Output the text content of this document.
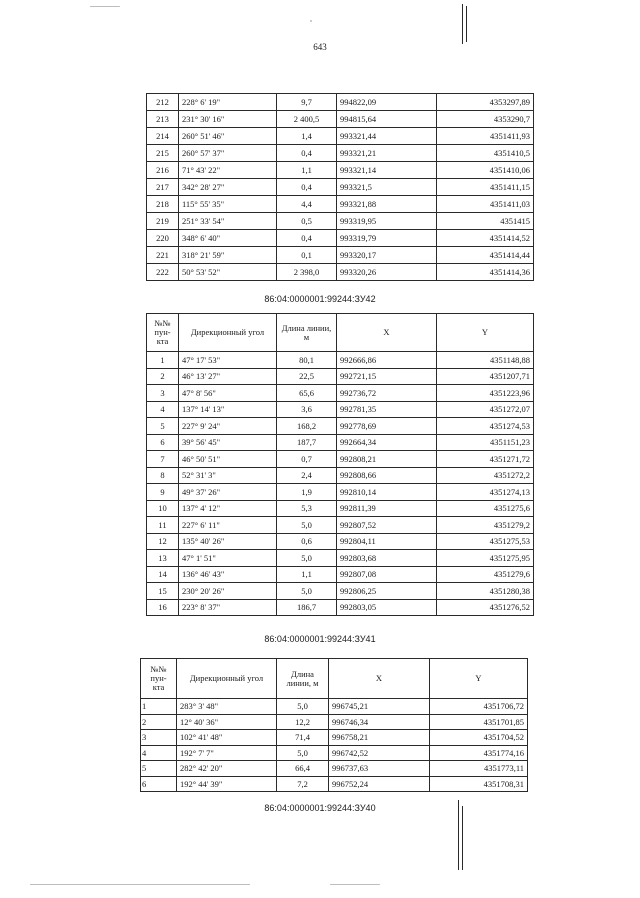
643
212	228° 6' 19"	9,7	994822,09	4353297,89
213	231° 30' 16"	2 400,5	994815,64	4353290,7
214	260° 51' 46"	1,4	993321,44	4351411,93
215	260° 57' 37"	0,4	993321,21	4351410,5
216	71° 43' 22"	1,1	993321,14	4351410,06
217	342° 28' 27"	0,4	993321,5	4351411,15
218	115° 55' 35"	4,4	993321,88	4351411,03
219	251° 33' 54"	0,5	993319,95	4351415
220	348° 6' 40"	0,4	993319,79	4351414,52
221	318° 21' 59"	0,1	993320,17	4351414,44
222	50° 53' 52"	2 398,0	993320,26	4351414,36
86:04:0000001:99244:ЗУ42
№№ пун- кта	Дирекционный угол	Длина линии, м	X	Y
1	47° 17' 53"	80,1	992666,86	4351148,88
2	46° 13' 27"	22,5	992721,15	4351207,71
3	47° 8' 56"	65,6	992736,72	4351223,96
4	137° 14' 13"	3,6	992781,35	4351272,07
5	227° 9' 24"	168,2	992778,69	4351274,53
6	39° 56' 45"	187,7	992664,34	4351151,23
7	46° 50' 51"	0,7	992808,21	4351271,72
8	52° 31' 3"	2,4	992808,66	4351272,2
9	49° 37' 26"	1,9	992810,14	4351274,13
10	137° 4' 12"	5,3	992811,39	4351275,6
11	227° 6' 11"	5,0	992807,52	4351279,2
12	135° 40' 26"	0,6	992804,11	4351275,53
13	47° 1' 51"	5,0	992803,68	4351275,95
14	136° 46' 43"	1,1	992807,08	4351279,6
15	230° 20' 26"	5,0	992806,25	4351280,38
16	223° 8' 37"	186,7	992803,05	4351276,52
86:04:0000001:99244:ЗУ41
№№ пун- кта	Дирекционный угол	Длина линии, м	X	Y
1	283° 3' 48"	5,0	996745,21	4351706,72
2	12° 40' 36"	12,2	996746,34	4351701,85
3	102° 41' 48"	71,4	996758,21	4351704,52
4	192° 7' 7"	5,0	996742,52	4351774,16
5	282° 42' 20"	66,4	996737,63	4351773,11
6	192° 44' 39"	7,2	996752,24	4351708,31
86:04:0000001:99244:ЗУ40
